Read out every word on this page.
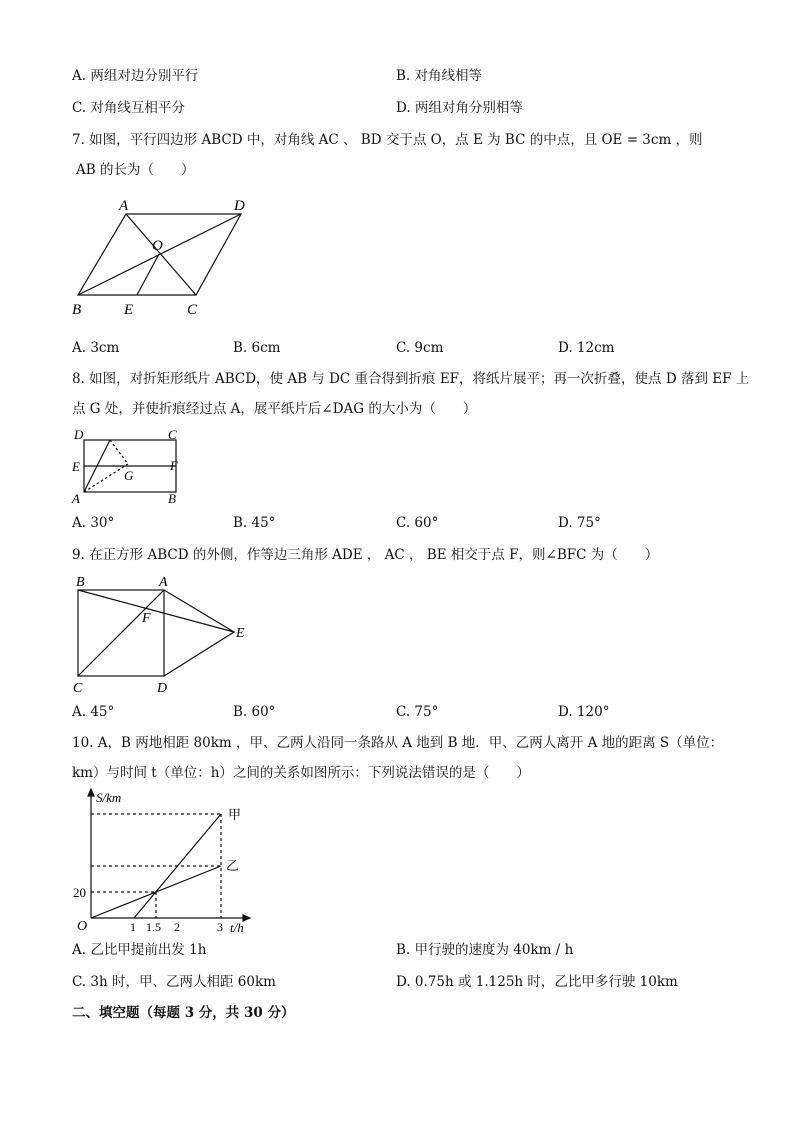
A. 两组对边分别平行	B. 对角线相等
C. 对角线互相平分	D. 两组对角分别相等
7. 如图，平行四边形 ABCD 中，对角线 AC 、 BD 交于点 O，点 E 为 BC 的中点，且 OE = 3cm ，则
AB 的长为（　　）
A	D
O
B	E	C
A. 3cm	B. 6cm	C. 9cm	D. 12cm
8. 如图，对折矩形纸片 ABCD，使 AB 与 DC 重合得到折痕 EF，将纸片展平；再一次折叠，使点 D 落到 EF 上
点 G 处，并使折痕经过点 A，展平纸片后∠DAG 的大小为（　　）
D	C
E	F
G
A	B
A. 30°	B. 45°	C. 60°	D. 75°
9. 在正方形 ABCD 的外侧，作等边三角形 ADE ， AC ， BE 相交于点 F，则∠BFC 为（　　）
B	A
F
E
C	D
A. 45°	B. 60°	C. 75°	D. 120°
10. A，B 两地相距 80km ，甲、乙两人沿同一条路从 A 地到 B 地．甲、乙两人离开 A 地的距离 S（单位：
km）与时间 t（单位：h）之间的关系如图所示：下列说法错误的是（　　）
S/km
甲
乙
20
O	1 1.5 2	3 t/h
A. 乙比甲提前出发 1h	B. 甲行驶的速度为 40km / h
C. 3h 时，甲、乙两人相距 60km	D. 0.75h 或 1.125h 时，乙比甲多行驶 10km
二、填空题（每题 3 分，共 30 分）
